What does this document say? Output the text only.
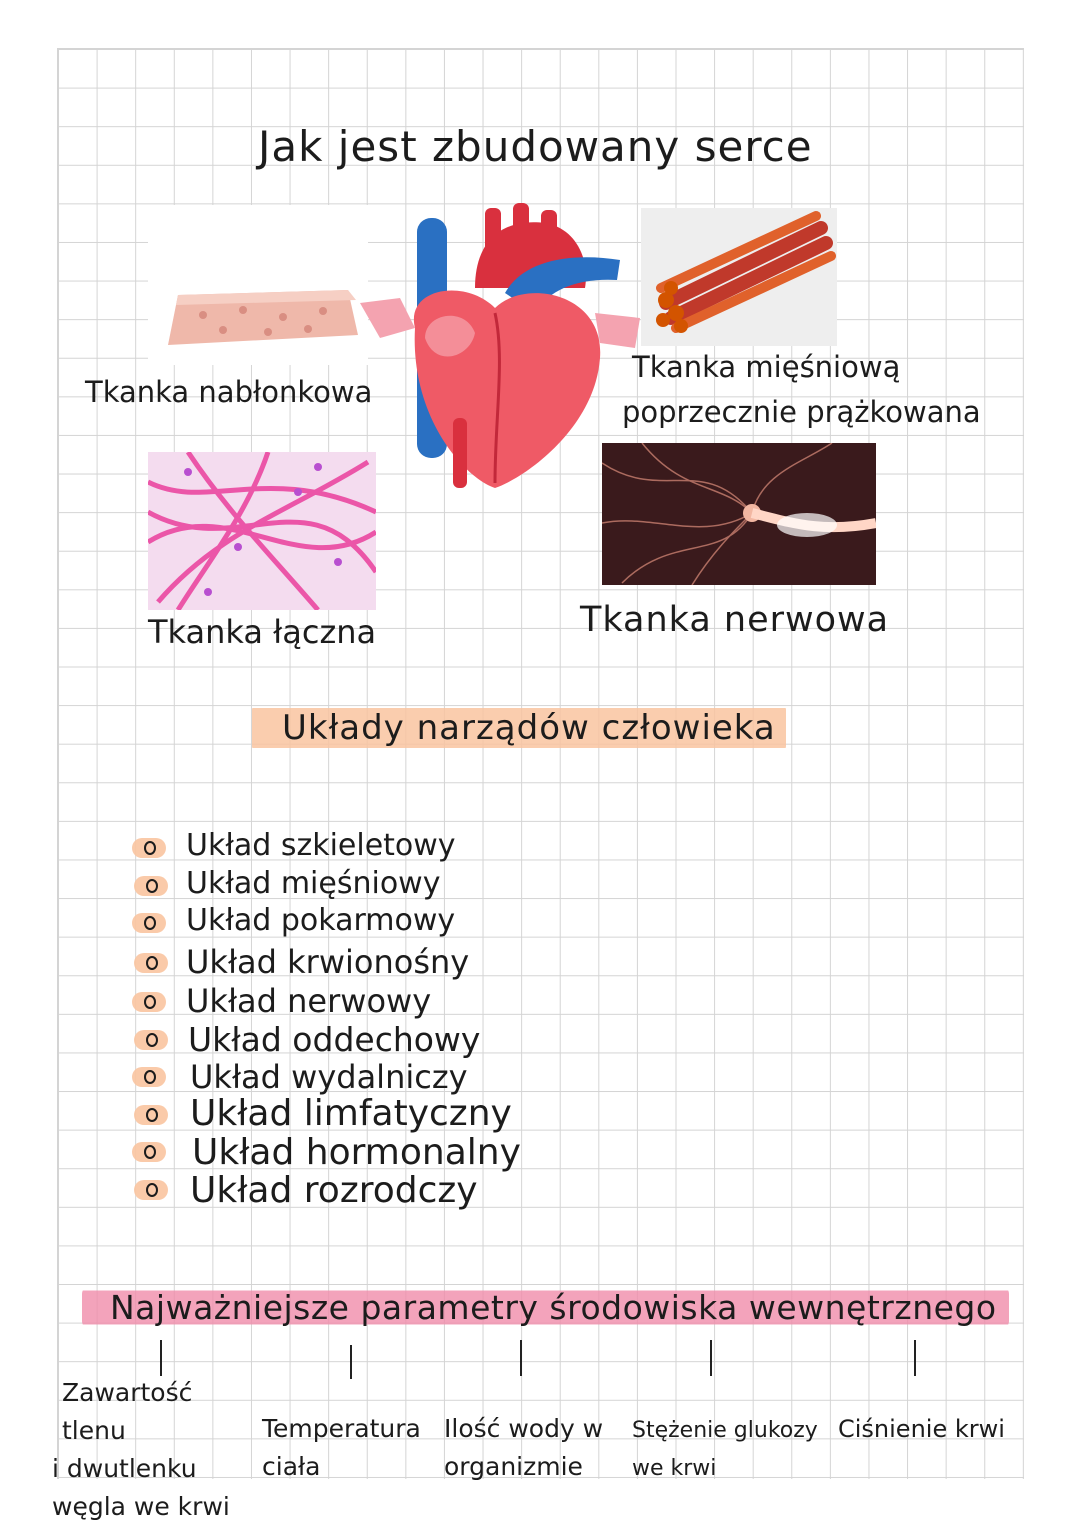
Jak jest zbudowany serce
Tkanka nabłonkowa
Tkanka mięśniową
poprzecznie prążkowana
Tkanka łączna	Tkanka nerwowa
Układy narządów człowieka
Układ szkieletowy
Układ mięśniowy
Układ pokarmowy
Układ krwionośny
Układ nerwowy
Układ oddechowy
Układ wydalniczy
Układ limfatyczny
Układ hormonalny
Układ rozrodczy
Najważniejsze parametry środowiska wewnętrznego
Zawartość tlenu
i dwutlenku
węgla we krwi
Temperatura
ciała
Ilość wody w
organizmie
Stężenie glukozy
we krwi
Ciśnienie krwi
